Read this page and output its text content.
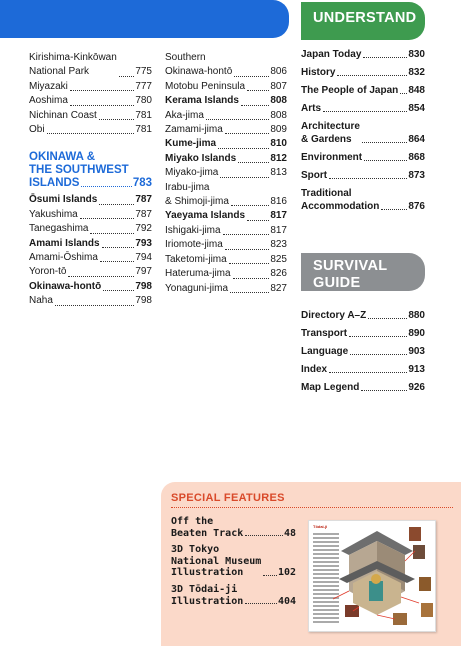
Kirishima-Kinkōwan
National Park	775
Miyazaki	777
Aoshima	780
Nichinan Coast	781
Obi	781
OKINAWA &
THE SOUTHWEST
ISLANDS	783
Ōsumi Islands	787
Yakushima	787
Tanegashima	792
Amami Islands	793
Amami-Ōshima	794
Yoron-tō	797
Okinawa-hontō	798
Naha	798
Southern
Okinawa-hontō	806
Motobu Peninsula	807
Kerama Islands	808
Aka-jima	808
Zamami-jima	809
Kume-jima	810
Miyako Islands	812
Miyako-jima	813
Irabu-jima
& Shimoji-jima	816
Yaeyama Islands	817
Ishigaki-jima	817
Iriomote-jima	823
Taketomi-jima	825
Hateruma-jima	826
Yonaguni-jima	827
UNDERSTAND
Japan Today	830
History	832
The People of Japan 848
Arts	854
Architecture
& Gardens	864
Environment	868
Sport	873
Traditional
Accommodation	876
SURVIVAL
GUIDE
Directory A–Z	880
Transport	890
Language	903
Index	913
Map Legend	926
SPECIAL FEATURES
Off the
Beaten Track	48
3D Tokyo
National Museum
Illustration	102
3D Tōdai-ji
Illustration	404
Tōdai-ji
